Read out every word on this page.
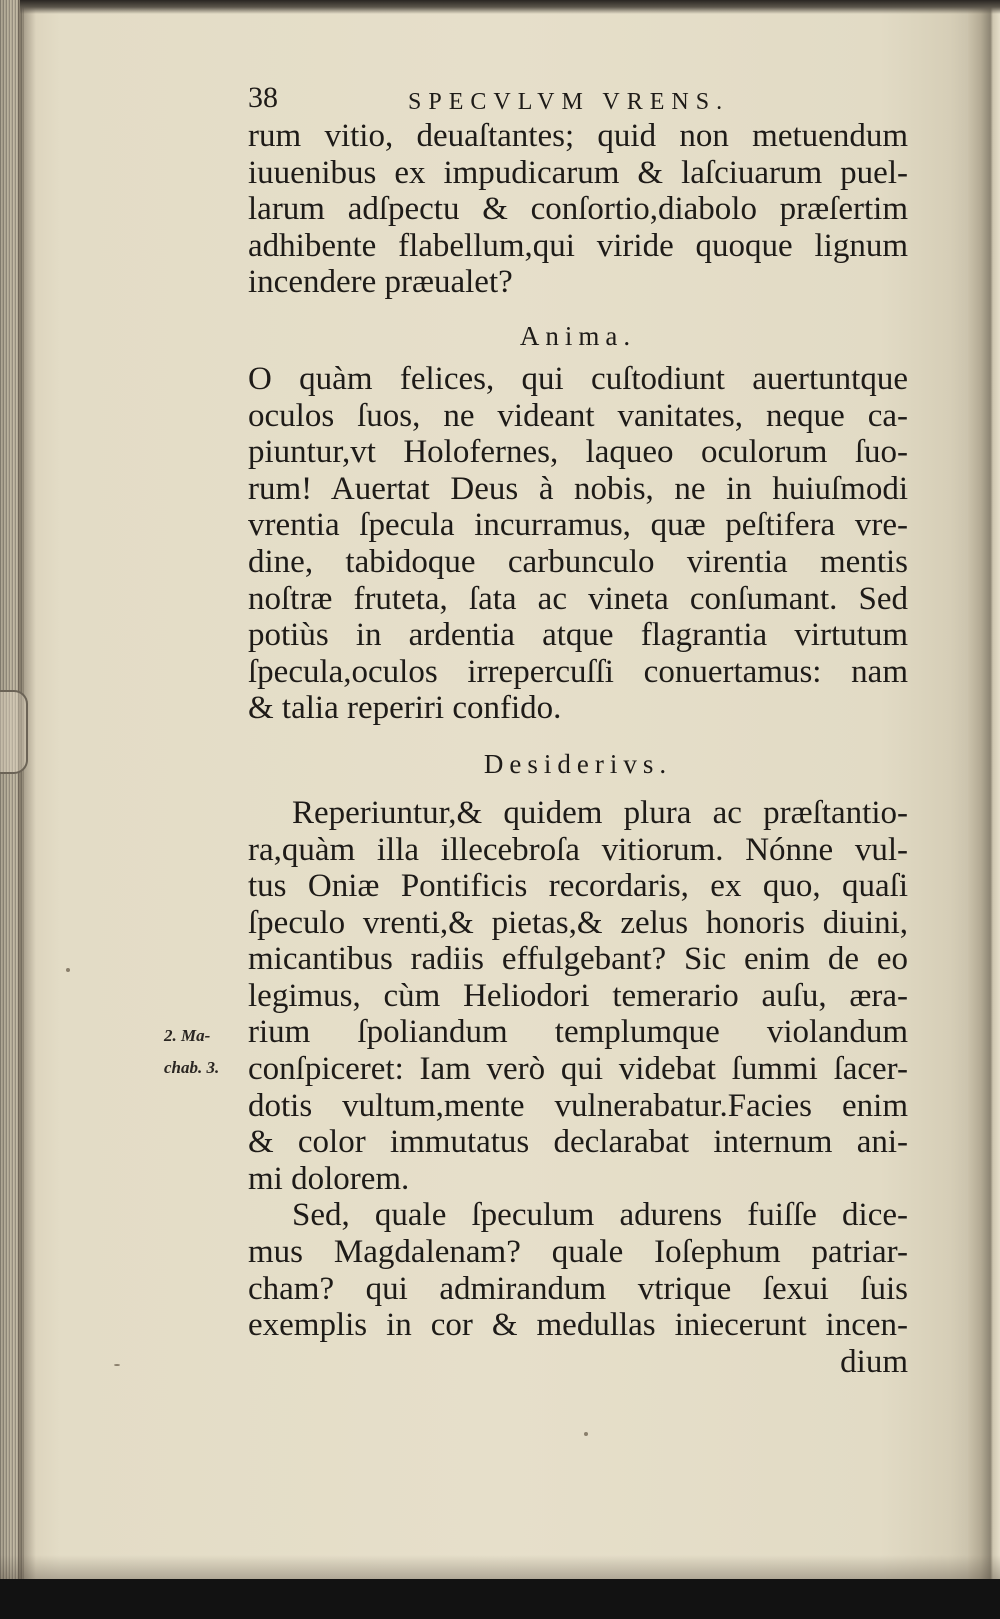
2. Ma-
chab. 3.
38	SPECVLVM VRENS.
rum vitio, deuaſtantes; quid non metuendum
iuuenibus ex impudicarum & laſciuarum puel-
larum adſpectu & conſortio,diabolo præſertim
adhibente flabellum,qui viride quoque lignum
incendere præualet?
Anima.
O quàm felices, qui cuſtodiunt auertuntque
oculos ſuos, ne videant vanitates, neque ca-
piuntur,vt Holofernes, laqueo oculorum ſuo-
rum! Auertat Deus à nobis, ne in huiuſmodi
vrentia ſpecula incurramus, quæ peſtifera vre-
dine, tabidoque carbunculo virentia mentis
noſtræ fruteta, ſata ac vineta conſumant. Sed
potiùs in ardentia atque flagrantia virtutum
ſpecula,oculos irrepercuſſi conuertamus: nam
& talia reperiri confido.
Desiderivs.
Reperiuntur,& quidem plura ac præſtantio-
ra,quàm illa illecebroſa vitiorum. Nónne vul-
tus Oniæ Pontificis recordaris, ex quo, quaſi
ſpeculo vrenti,& pietas,& zelus honoris diuini,
micantibus radiis effulgebant? Sic enim de eo
legimus, cùm Heliodori temerario auſu, æra-
rium ſpoliandum templumque violandum
conſpiceret: Iam verò qui videbat ſummi ſacer-
dotis vultum,mente vulnerabatur.Facies enim
& color immutatus declarabat internum ani-
mi dolorem.
Sed, quale ſpeculum adurens fuiſſe dice-
mus Magdalenam? quale Ioſephum patriar-
cham? qui admirandum vtrique ſexui ſuis
exemplis in cor & medullas iniecerunt incen-
dium
